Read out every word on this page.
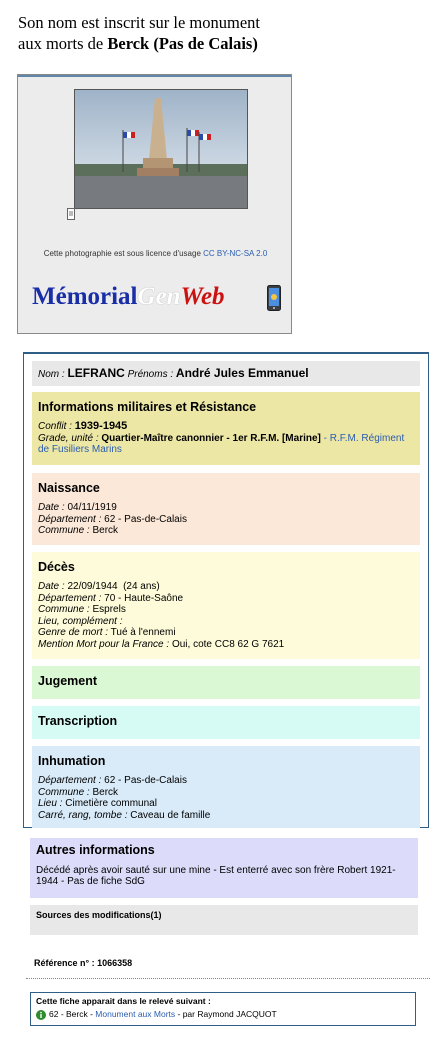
Son nom est inscrit sur le monument
aux morts de Berck (Pas de Calais)
Cette photographie est sous licence d'usage CC BY-NC-SA 2.0
MémorialGenWeb
Nom : LEFRANC Prénoms : André Jules Emmanuel
Informations militaires et Résistance
Conflit : 1939-1945
Grade, unité : Quartier-Maître canonnier - 1er R.F.M. [Marine] - R.F.M. Régiment de Fusiliers Marins
Naissance
Date : 04/11/1919
Département : 62 - Pas-de-Calais
Commune : Berck
Décès
Date : 22/09/1944  (24 ans)
Département : 70 - Haute-Saône
Commune : Esprels
Lieu, complément :
Genre de mort : Tué à l'ennemi
Mention Mort pour la France : Oui, cote CC8 62 G 7621
Jugement
Transcription
Inhumation
Département : 62 - Pas-de-Calais
Commune : Berck
Lieu : Cimetière communal
Carré, rang, tombe : Caveau de famille
Autres informations
Décédé après avoir sauté sur une mine - Est enterré avec son frère Robert 1921-1944 - Pas de fiche SdG
Sources des modifications(1)
Référence n° : 1066358
Cette fiche apparait dans le relevé suivant :
62 - Berck - Monument aux Morts - par Raymond JACQUOT
